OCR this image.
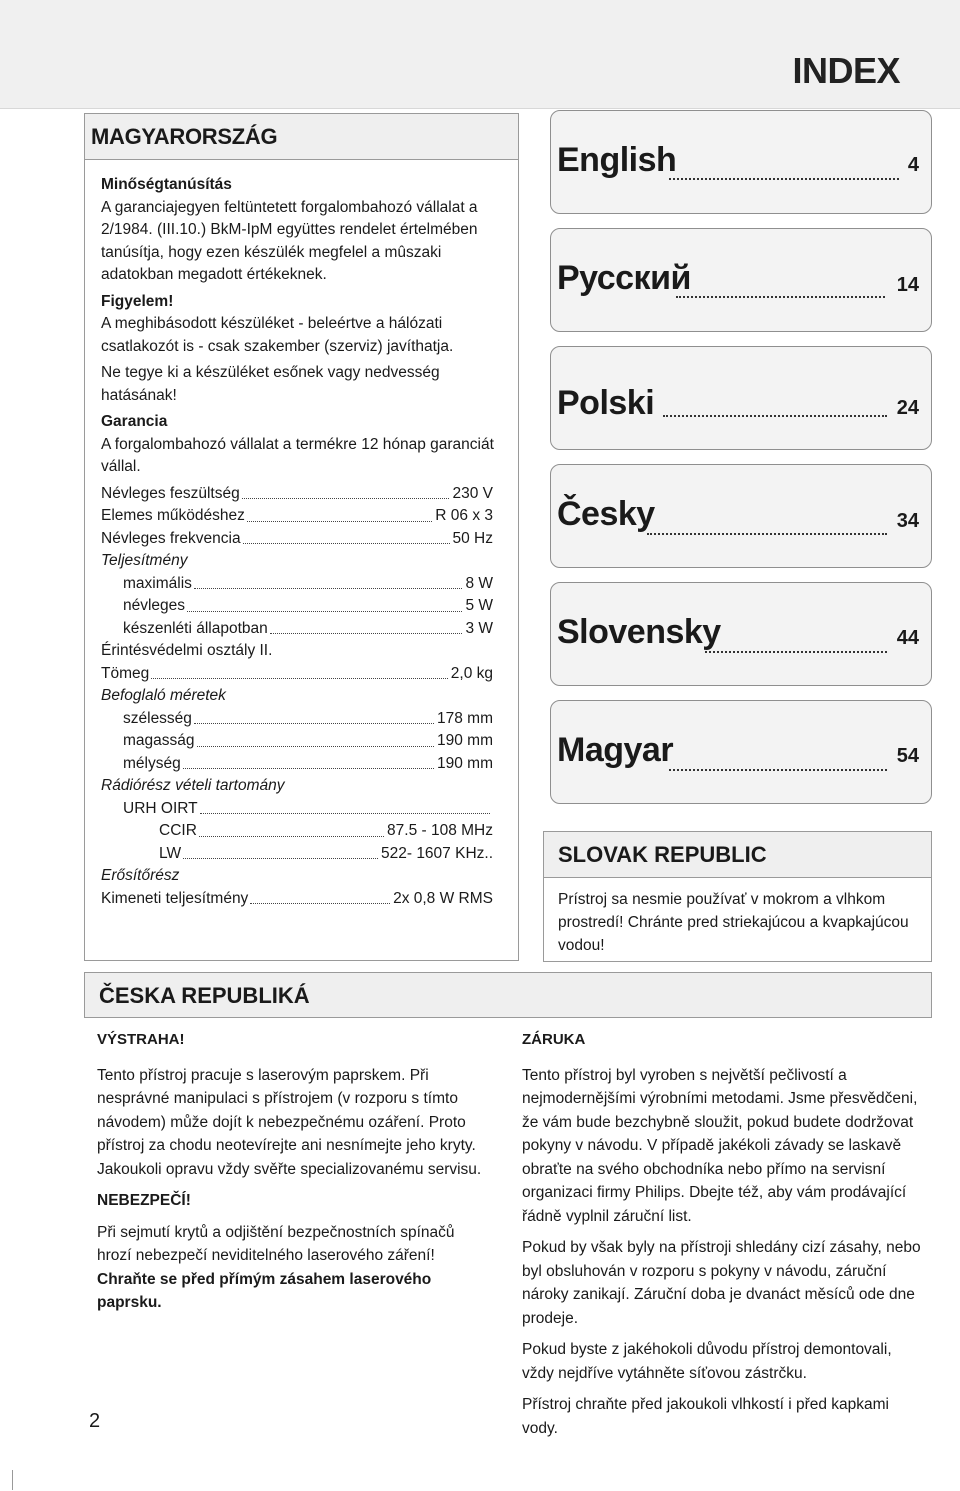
INDEX
MAGYARORSZÁG

Minőségtanúsítás

A garanciajegyen feltüntetett forgalombahozó vállalat a 2/1984. (III.10.) BkM-IpM együttes rendelet értelmében tanúsítja, hogy ezen készülék megfelel a mûszaki adatokban megadott értékeknek.

Figyelem!

A meghibásodott készüléket - beleértve a hálózati csatlakozót is - csak szakember (szerviz) javíthatja.

Ne tegye ki a készüléket esőnek vagy nedvesség hatásának!

Garancia

A forgalombahozó vállalat a termékre 12 hónap garanciát vállal.

Névleges feszültség	230 V
Elemes működéshez	R 06 x 3
Névleges frekvencia	50 Hz

Teljesítmény

maximális	8 W
névleges	5 W
készenléti állapotban	3 W

Érintésvédelmi osztály II.

Tömeg	2,0 kg

Befoglaló méretek

szélesség	178 mm
magasság	190 mm
mélység	190 mm

Rádiórész vételi tartomány

URH OIRT
CCIR	87.5 - 108 MHz
LW	522- 1607 KHz..

Erősítőrész

Kimeneti teljesítmény	2x 0,8 W RMS
English	4
Русский	14
Polski	24
Česky	34
Slovensky	44
Magyar	54
SLOVAK REPUBLIC
Prístroj sa nesmie používať v mokrom a vlhkom prostredí! Chránte pred striekajúcou a kvapkajúcou vodou!
ČESKA REPUBLIKÁ

VÝSTRAHA!

Tento přístroj pracuje s laserovým paprskem. Při nesprávné manipulaci s přístrojem (v rozporu s tímto návodem) může dojít k nebezpečnému ozáření. Proto přístroj za chodu neotevírejte ani nesnímejte jeho kryty. Jakoukoli opravu vždy svěřte specializovanému servisu.

NEBEZPEČÍ!

Při sejmutí krytů a odjištění bezpečnostních spínačů hrozí nebezpečí neviditelného laserového záření!

Chraňte se před přímým zásahem laserového paprsku.

ZÁRUKA

Tento přístroj byl vyroben s největší pečlivostí a nejmodernějšími výrobními metodami. Jsme přesvědčeni, že vám bude bezchybně sloužit, pokud budete dodržovat pokyny v návodu. V případě jakékoli závady se laskavě obraťte na svého obchodníka nebo přímo na servisní organizaci firmy Philips. Dbejte též, aby vám prodávající řádně vyplnil záruční list.

Pokud by však byly na přístroji shledány cizí zásahy, nebo byl obsluhován v rozporu s pokyny v návodu, záruční nároky zanikají. Záruční doba je dvanáct měsíců ode dne prodeje.

Pokud byste z jakéhokoli důvodu přístroj demontovali, vždy nejdříve vytáhněte síťovou zástrčku.

Přístroj chraňte před jakoukoli vlhkostí i před kapkami vody.

2
